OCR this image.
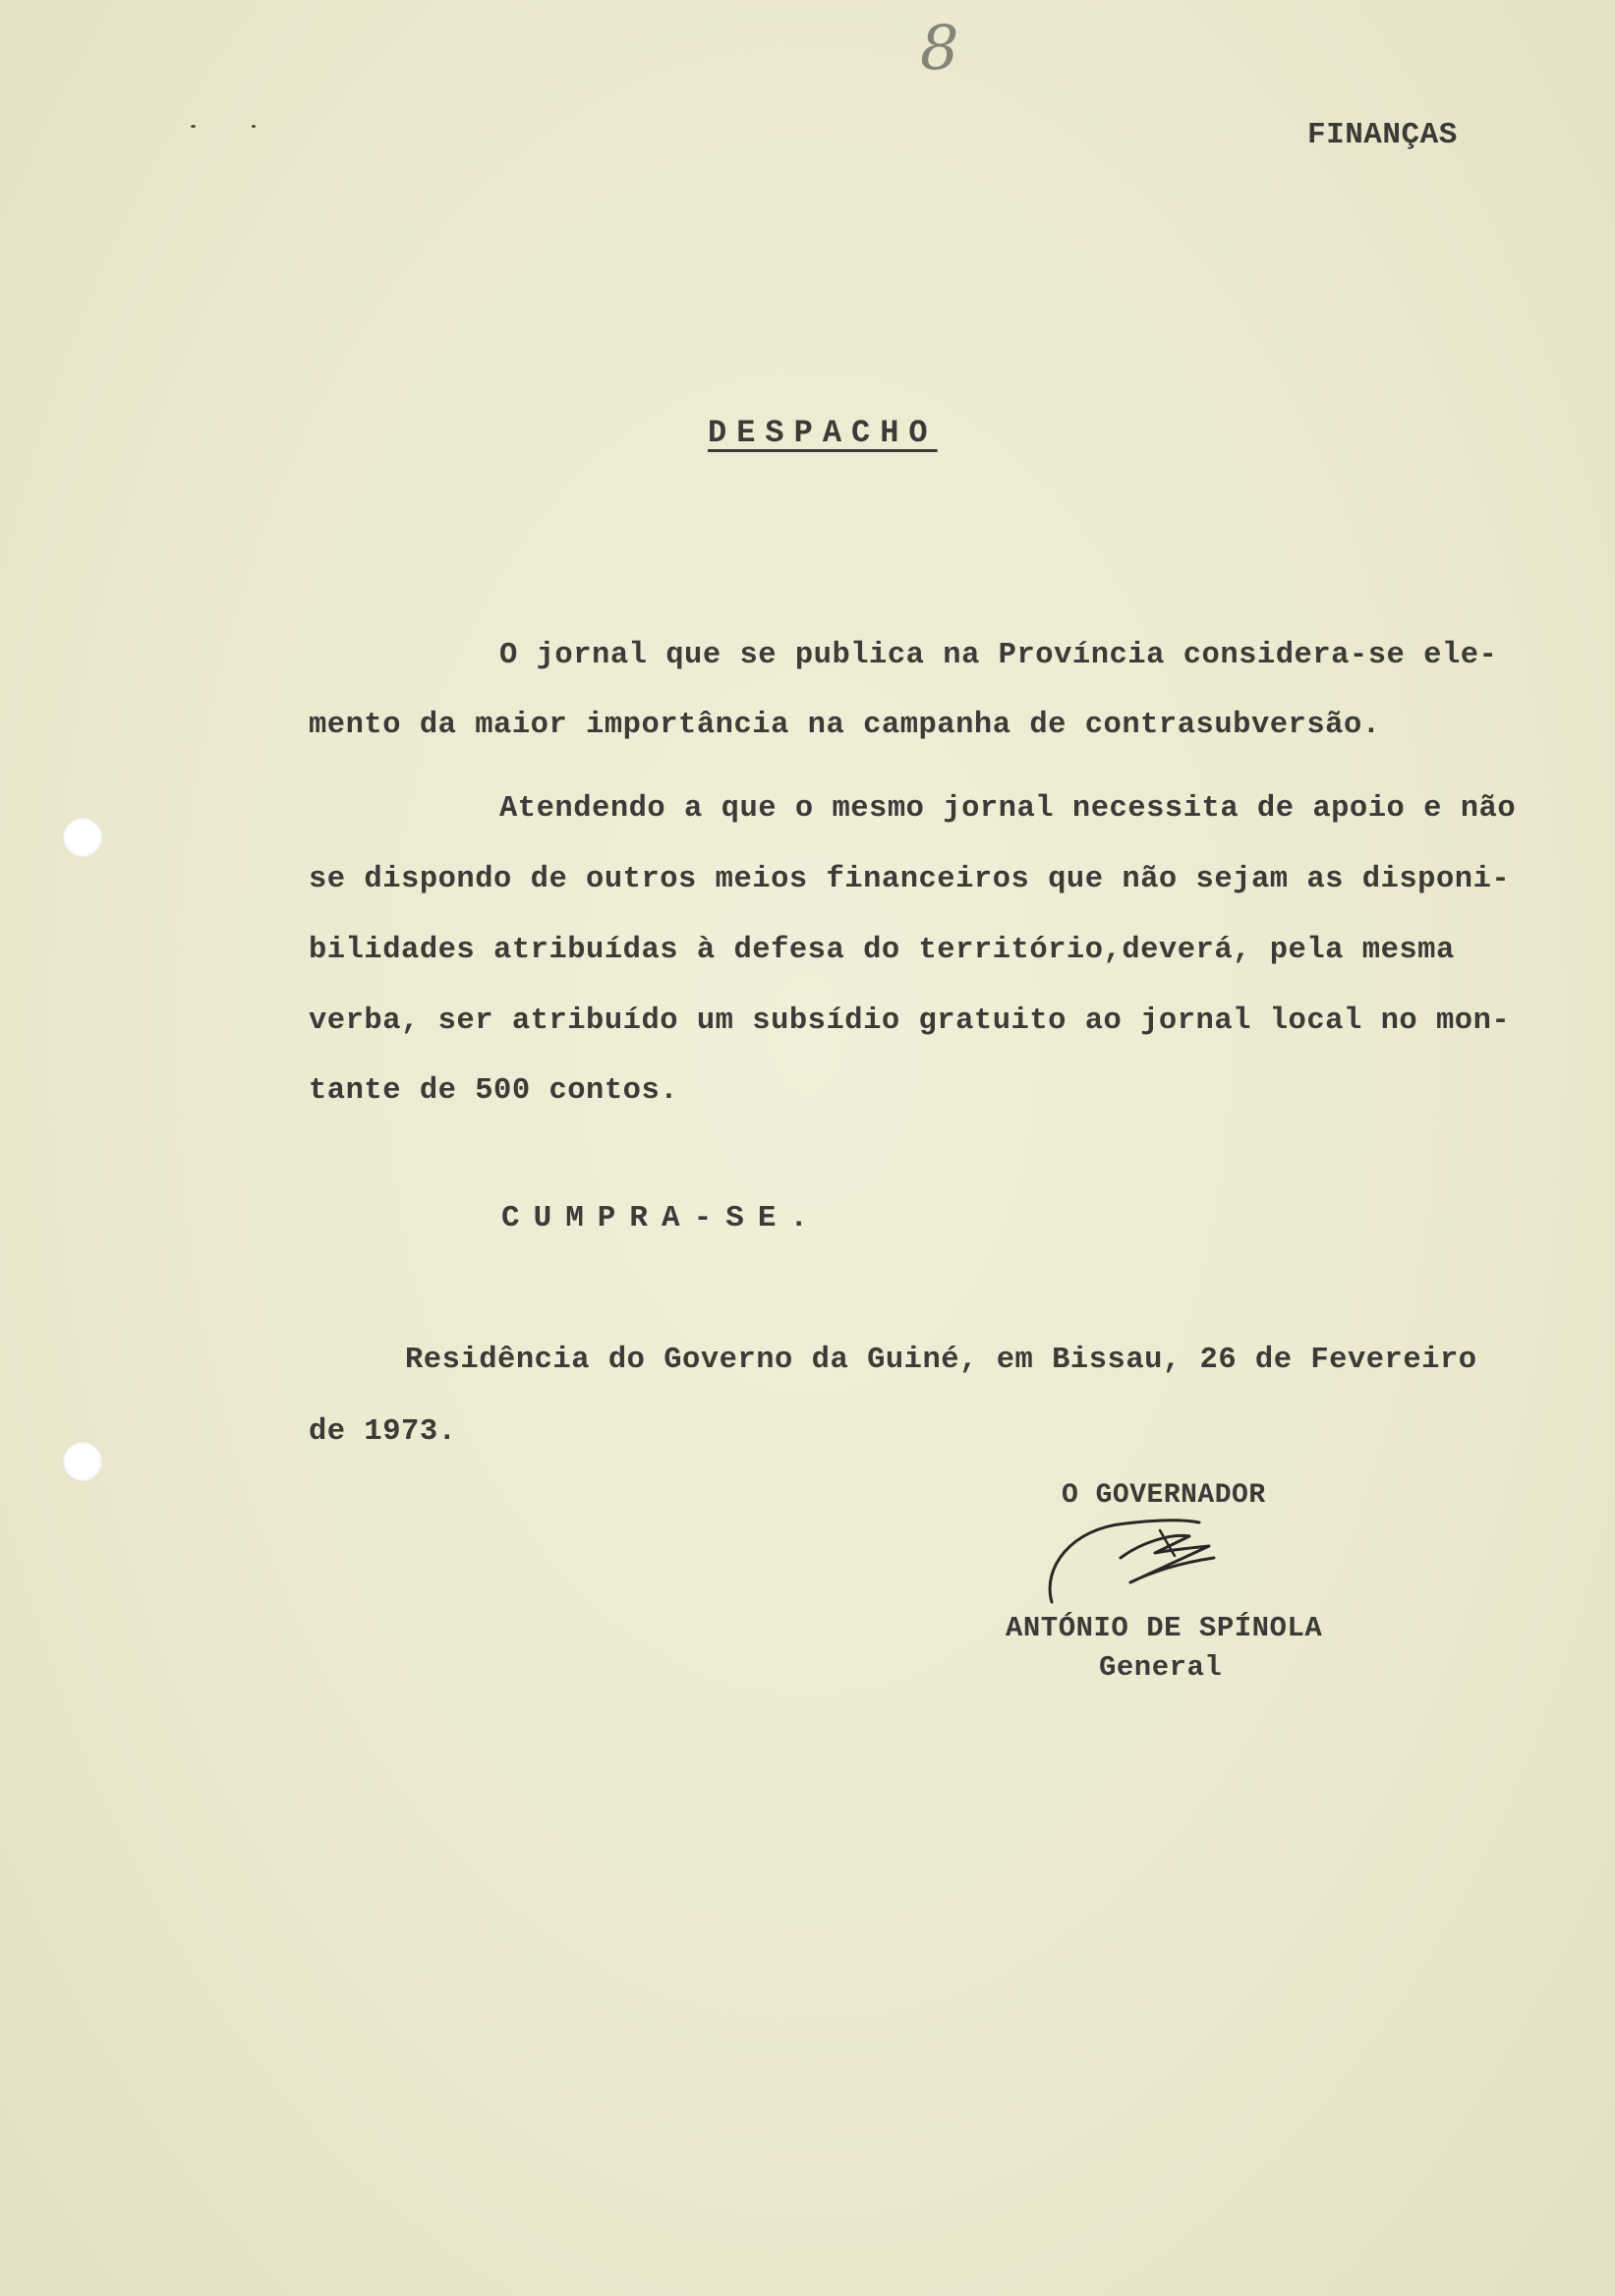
8
FINANÇAS
DESPACHO
O jornal que se publica na Província considera-se ele-
mento da maior importância na campanha de contrasubversão.
Atendendo a que o mesmo jornal necessita de apoio e não
se dispondo de outros meios financeiros que não sejam as disponi-
bilidades atribuídas à defesa do território,deverá, pela mesma
verba, ser atribuído um subsídio gratuito ao jornal local no mon-
tante de 500 contos.
CUMPRA-SE.
Residência do Governo da Guiné, em Bissau, 26 de Fevereiro
de 1973.
O GOVERNADOR
ANTÓNIO DE SPÍNOLA
General
